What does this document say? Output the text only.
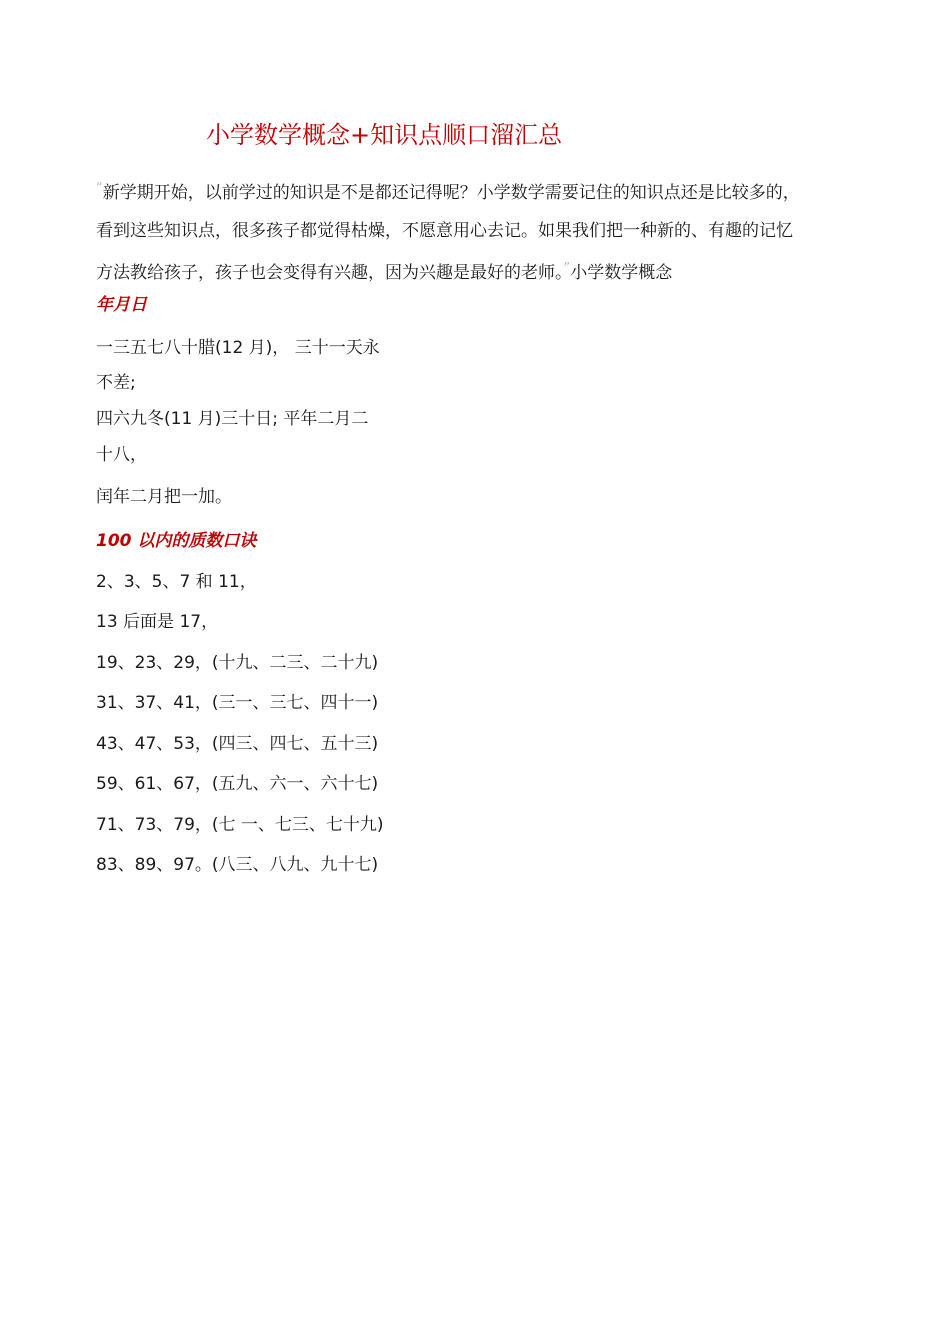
小学数学概念+知识点顺口溜汇总
“新学期开始，以前学过的知识是不是都还记得呢？小学数学需要记住的知识点还是比较多的，
看到这些知识点，很多孩子都觉得枯燥，不愿意用心去记。如果我们把一种新的、有趣的记忆
方法教给孩子，孩子也会变得有兴趣，因为兴趣是最好的老师。”小学数学概念
年月日
一三五七八十腊(12 月)， 三十一天永
不差;
四六九冬(11 月)三十日; 平年二月二
十八，
闰年二月把一加。
100 以内的质数口诀
2、3、5、7 和 11，
13 后面是 17，
19、23、29，(十九、二三、二十九)
31、37、41，(三一、三七、四十一)
43、47、53，(四三、四七、五十三)
59、61、67，(五九、六一、六十七)
71、73、79，(七 一、七三、七十九)
83、89、97。(八三、八九、九十七)
